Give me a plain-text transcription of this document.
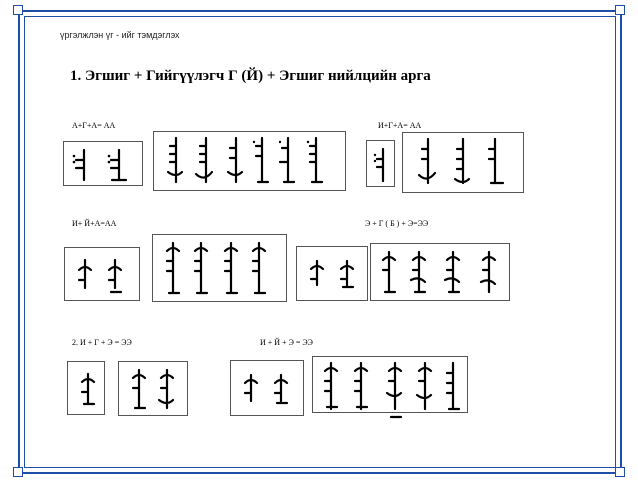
үргэлжлэн үг - ийг тэмдэглэх
1. Эгшиг + Гийгүүлэгч Г (Й) + Эгшиг нийлцийн арга
А+Г+А= АА	И+Г+А= АА
И+ Й+А=АА	Э + Г ( Б ) + Э=ЭЭ
2. И + Г + Э = ЭЭ	И + Й + Э = ЭЭ
